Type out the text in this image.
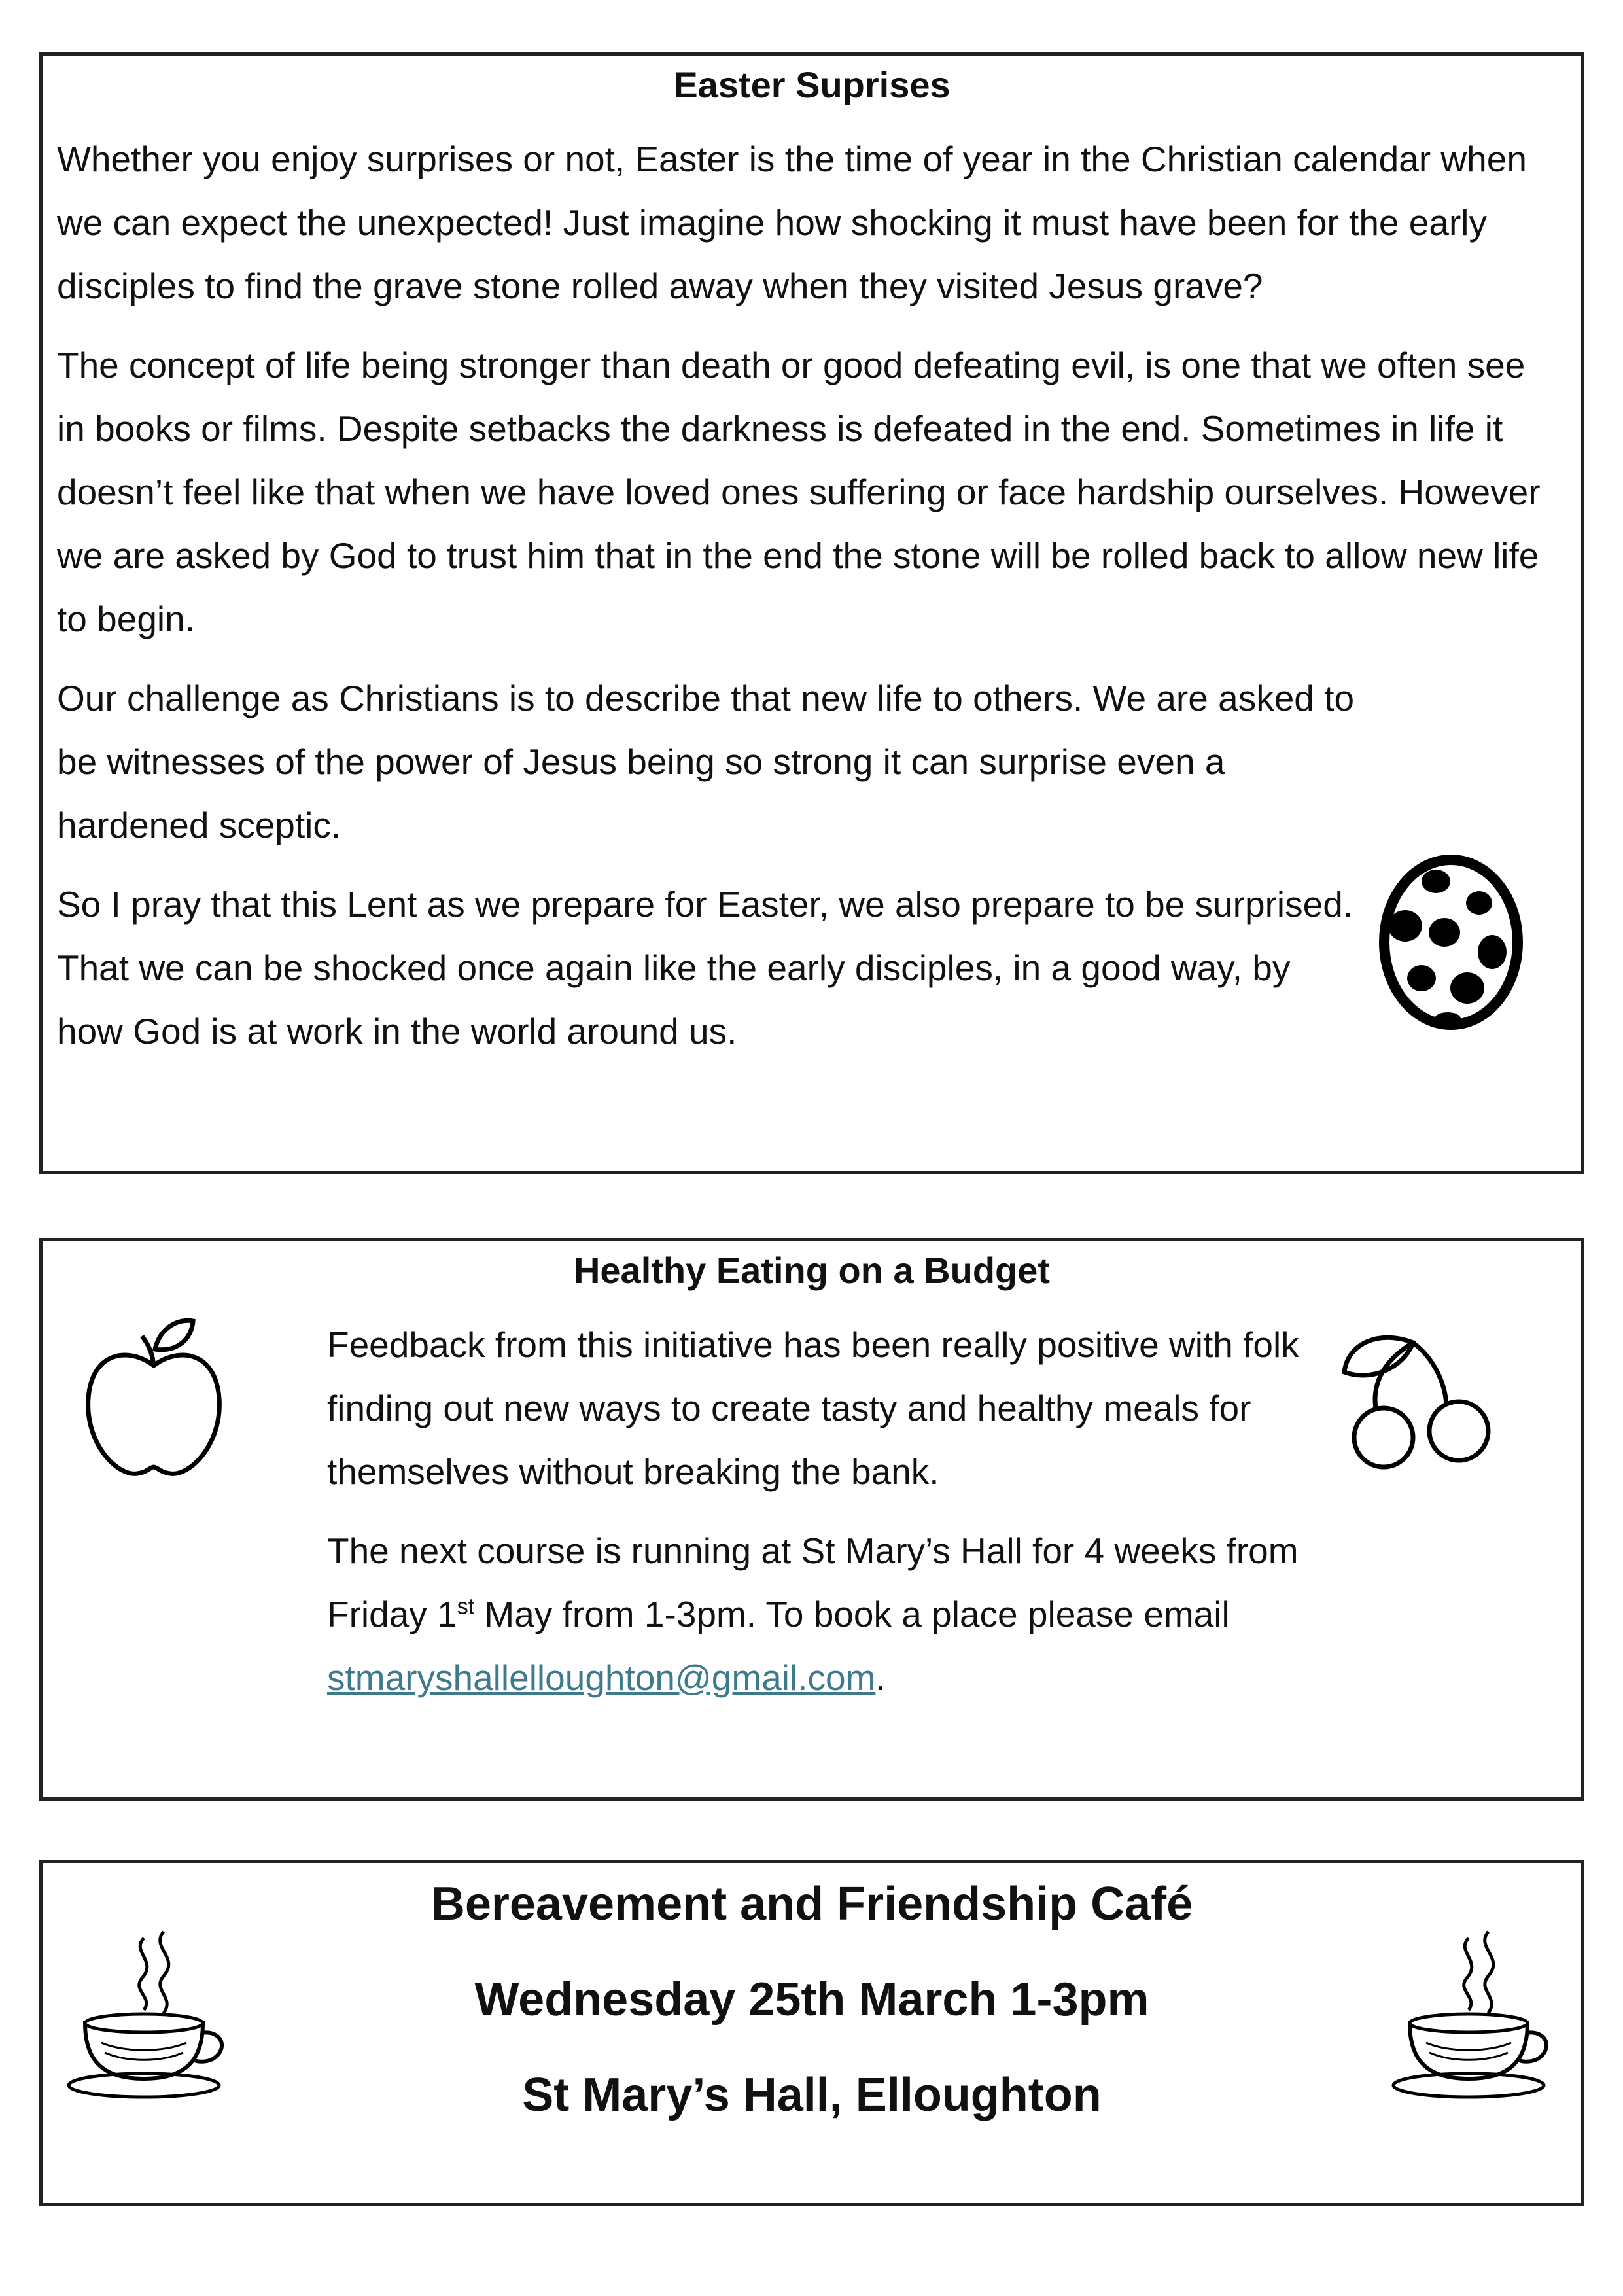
Easter Suprises

Whether you enjoy surprises or not, Easter is the time of year in the Christian calendar when we can expect the unexpected! Just imagine how shocking it must have been for the early disciples to find the grave stone rolled away when they visited Jesus grave?

The concept of life being stronger than death or good defeating evil, is one that we often see in books or films. Despite setbacks the darkness is defeated in the end. Sometimes in life it doesn’t feel like that when we have loved ones suffering or face hardship ourselves. However we are asked by God to trust him that in the end the stone will be rolled back to allow new life to begin.

Our challenge as Christians is to describe that new life to others. We are asked to be witnesses of the power of Jesus being so strong it can surprise even a hardened sceptic.

So I pray that this Lent as we prepare for Easter, we also prepare to be surprised. That we can be shocked once again like the early disciples, in a good way, by how God is at work in the world around us.

Healthy Eating on a Budget

Feedback from this initiative has been really positive with folk finding out new ways to create tasty and healthy meals for themselves without breaking the bank.

The next course is running at St Mary’s Hall for 4 weeks from Friday 1st May from 1-3pm. To book a place please email stmaryshallelloughton@gmail.com.

Bereavement and Friendship Café
Wednesday 25th March 1-3pm
St Mary’s Hall, Elloughton
